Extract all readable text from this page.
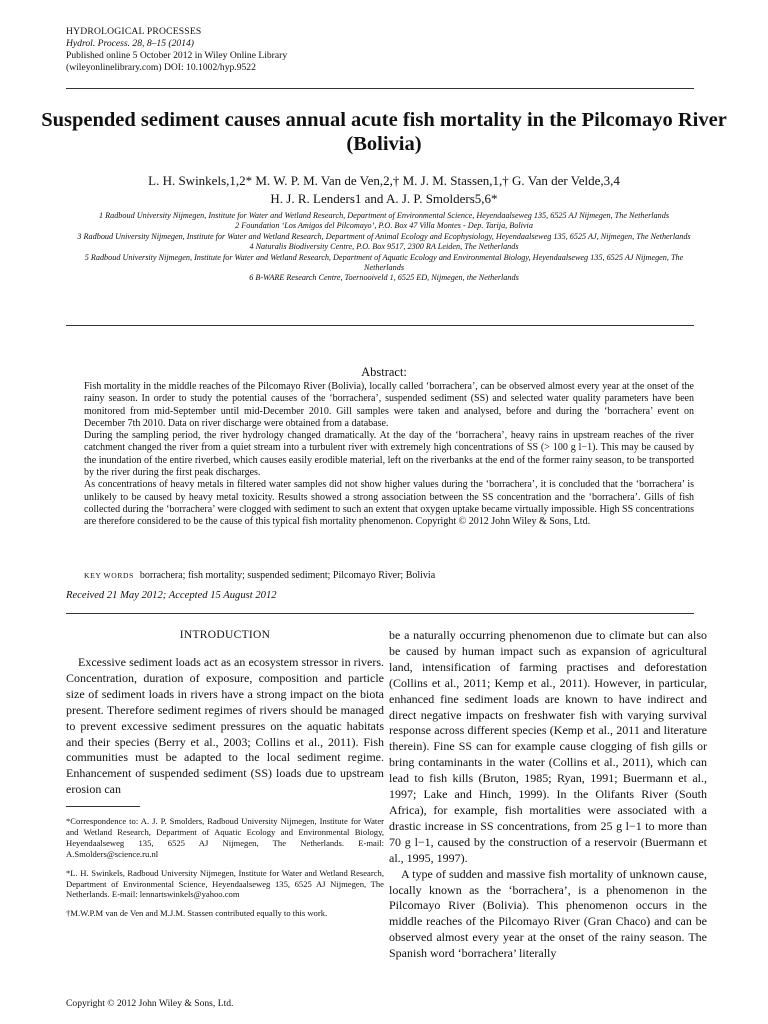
HYDROLOGICAL PROCESSES
Hydrol. Process. 28, 8–15 (2014)
Published online 5 October 2012 in Wiley Online Library
(wileyonlinelibrary.com) DOI: 10.1002/hyp.9522
Suspended sediment causes annual acute fish mortality in the Pilcomayo River (Bolivia)
L. H. Swinkels,1,2* M. W. P. M. Van de Ven,2,† M. J. M. Stassen,1,† G. Van der Velde,3,4
H. J. R. Lenders1 and A. J. P. Smolders5,6*
1 Radboud University Nijmegen, Institute for Water and Wetland Research, Department of Environmental Science, Heyendaalseweg 135, 6525 AJ Nijmegen, The Netherlands
2 Foundation ‘Los Amigos del Pilcomayo’, P.O. Box 47 Villa Montes - Dep. Tarija, Bolivia
3 Radboud University Nijmegen, Institute for Water and Wetland Research, Department of Animal Ecology and Ecophysiology, Heyendaalseweg 135, 6525 AJ, Nijmegen, The Netherlands
4 Naturalis Biodiversity Centre, P.O. Box 9517, 2300 RA Leiden, The Netherlands
5 Radboud University Nijmegen, Institute for Water and Wetland Research, Department of Aquatic Ecology and Environmental Biology, Heyendaalseweg 135, 6525 AJ Nijmegen, The Netherlands
6 B-WARE Research Centre, Toernooiveld 1, 6525 ED, Nijmegen, the Netherlands
Abstract:

Fish mortality in the middle reaches of the Pilcomayo River (Bolivia), locally called ‘borrachera’, can be observed almost every year at the onset of the rainy season. In order to study the potential causes of the ‘borrachera’, suspended sediment (SS) and selected water quality parameters have been monitored from mid-September until mid-December 2010. Gill samples were taken and analysed, before and during the ‘borrachera’ event on December 7th 2010. Data on river discharge were obtained from a database.

During the sampling period, the river hydrology changed dramatically. At the day of the ‘borrachera’, heavy rains in upstream reaches of the river catchment changed the river from a quiet stream into a turbulent river with extremely high concentrations of SS (> 100 g l−1). This may be caused by the inundation of the entire riverbed, which causes easily erodible material, left on the riverbanks at the end of the former rainy season, to be transported by the river during the first peak discharges.

As concentrations of heavy metals in filtered water samples did not show higher values during the ‘borrachera’, it is concluded that the ‘borrachera’ is unlikely to be caused by heavy metal toxicity. Results showed a strong association between the SS concentration and the ‘borrachera’. Gills of fish collected during the ‘borrachera’ were clogged with sediment to such an extent that oxygen uptake became virtually impossible. High SS concentrations are therefore considered to be the cause of this typical fish mortality phenomenon. Copyright © 2012 John Wiley & Sons, Ltd.

KEY WORDS borrachera; fish mortality; suspended sediment; Pilcomayo River; Bolivia
Received 21 May 2012; Accepted 15 August 2012
INTRODUCTION

Excessive sediment loads act as an ecosystem stressor in rivers. Concentration, duration of exposure, composition and particle size of sediment loads in rivers have a strong impact on the biota present. Therefore sediment regimes of rivers should be managed to prevent excessive sediment pressures on the aquatic habitats and their species (Berry et al., 2003; Collins et al., 2011). Fish communities must be adapted to the local sediment regime. Enhancement of suspended sediment (SS) loads due to upstream erosion can

be a naturally occurring phenomenon due to climate but can also be caused by human impact such as expansion of agricultural land, intensification of farming practises and deforestation (Collins et al., 2011; Kemp et al., 2011). However, in particular, enhanced fine sediment loads are known to have indirect and direct negative impacts on freshwater fish with varying survival response across different species (Kemp et al., 2011 and literature therein). Fine SS can for example cause clogging of fish gills or bring contaminants in the water (Collins et al., 2011), which can lead to fish kills (Bruton, 1985; Ryan, 1991; Buermann et al., 1997; Lake and Hinch, 1999). In the Olifants River (South Africa), for example, fish mortalities were associated with a drastic increase in SS concentrations, from 25 g l−1 to more than 70 g l−1, caused by the construction of a reservoir (Buermann et al., 1995, 1997).

A type of sudden and massive fish mortality of unknown cause, locally known as the ‘borrachera’, is a phenomenon in the Pilcomayo River (Bolivia). This phenomenon occurs in the middle reaches of the Pilcomayo River (Gran Chaco) and can be observed almost every year at the onset of the rainy season. The Spanish word ‘borrachera’ literally

*Correspondence to: A. J. P. Smolders, Radboud University Nijmegen, Institute for Water and Wetland Research, Department of Aquatic Ecology and Environmental Biology, Heyendaalseweg 135, 6525 AJ Nijmegen, The Netherlands. E-mail: A.Smolders@science.ru.nl

*L. H. Swinkels, Radboud University Nijmegen, Institute for Water and Wetland Research, Department of Environmental Science, Heyendaalseweg 135, 6525 AJ Nijmegen, The Netherlands. E-mail: lennartswinkels@yahoo.com

†M.W.P.M van de Ven and M.J.M. Stassen contributed equally to this work.

Copyright © 2012 John Wiley & Sons, Ltd.
